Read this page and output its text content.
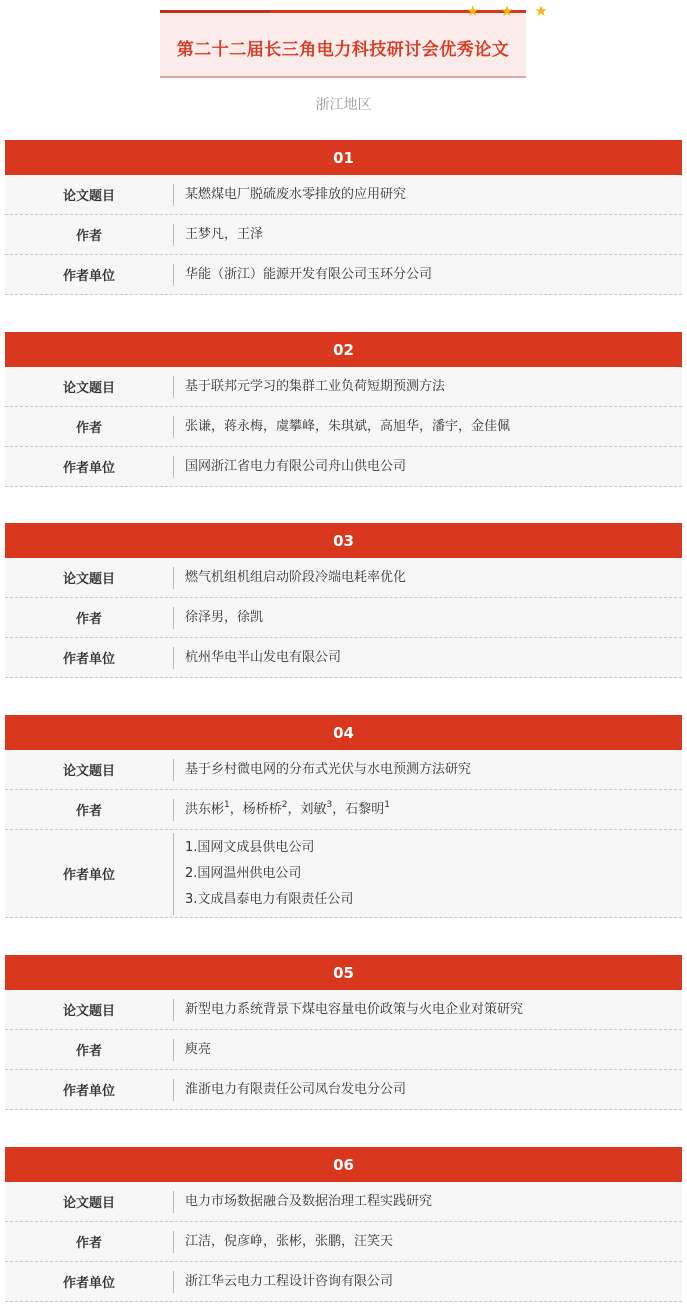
第二十二届长三角电力科技研讨会优秀论文
★ ★ ★
浙江地区
01
论文题目	某燃煤电厂脱硫废水零排放的应用研究
作者	王梦凡，王泽
作者单位	华能（浙江）能源开发有限公司玉环分公司
02
论文题目	基于联邦元学习的集群工业负荷短期预测方法
作者	张谦，蒋永梅，虞攀峰，朱琪斌，高旭华，潘宇，金佳佩
作者单位	国网浙江省电力有限公司舟山供电公司
03
论文题目	燃气机组机组启动阶段冷端电耗率优化
作者	徐泽男，徐凯
作者单位	杭州华电半山发电有限公司
04
论文题目	基于乡村微电网的分布式光伏与水电预测方法研究
作者	洪东彬$^1$，杨桥桥$^2$，刘敏$^3$，石黎明$^1$
作者单位
1.国网文成县供电公司
2.国网温州供电公司
3.文成昌泰电力有限责任公司
05
论文题目	新型电力系统背景下煤电容量电价政策与火电企业对策研究
作者	庾亮
作者单位	淮浙电力有限责任公司凤台发电分公司
06
论文题目	电力市场数据融合及数据治理工程实践研究
作者	江洁，倪彦峥，张彬，张鹏，汪笑天
作者单位	浙江华云电力工程设计咨询有限公司
